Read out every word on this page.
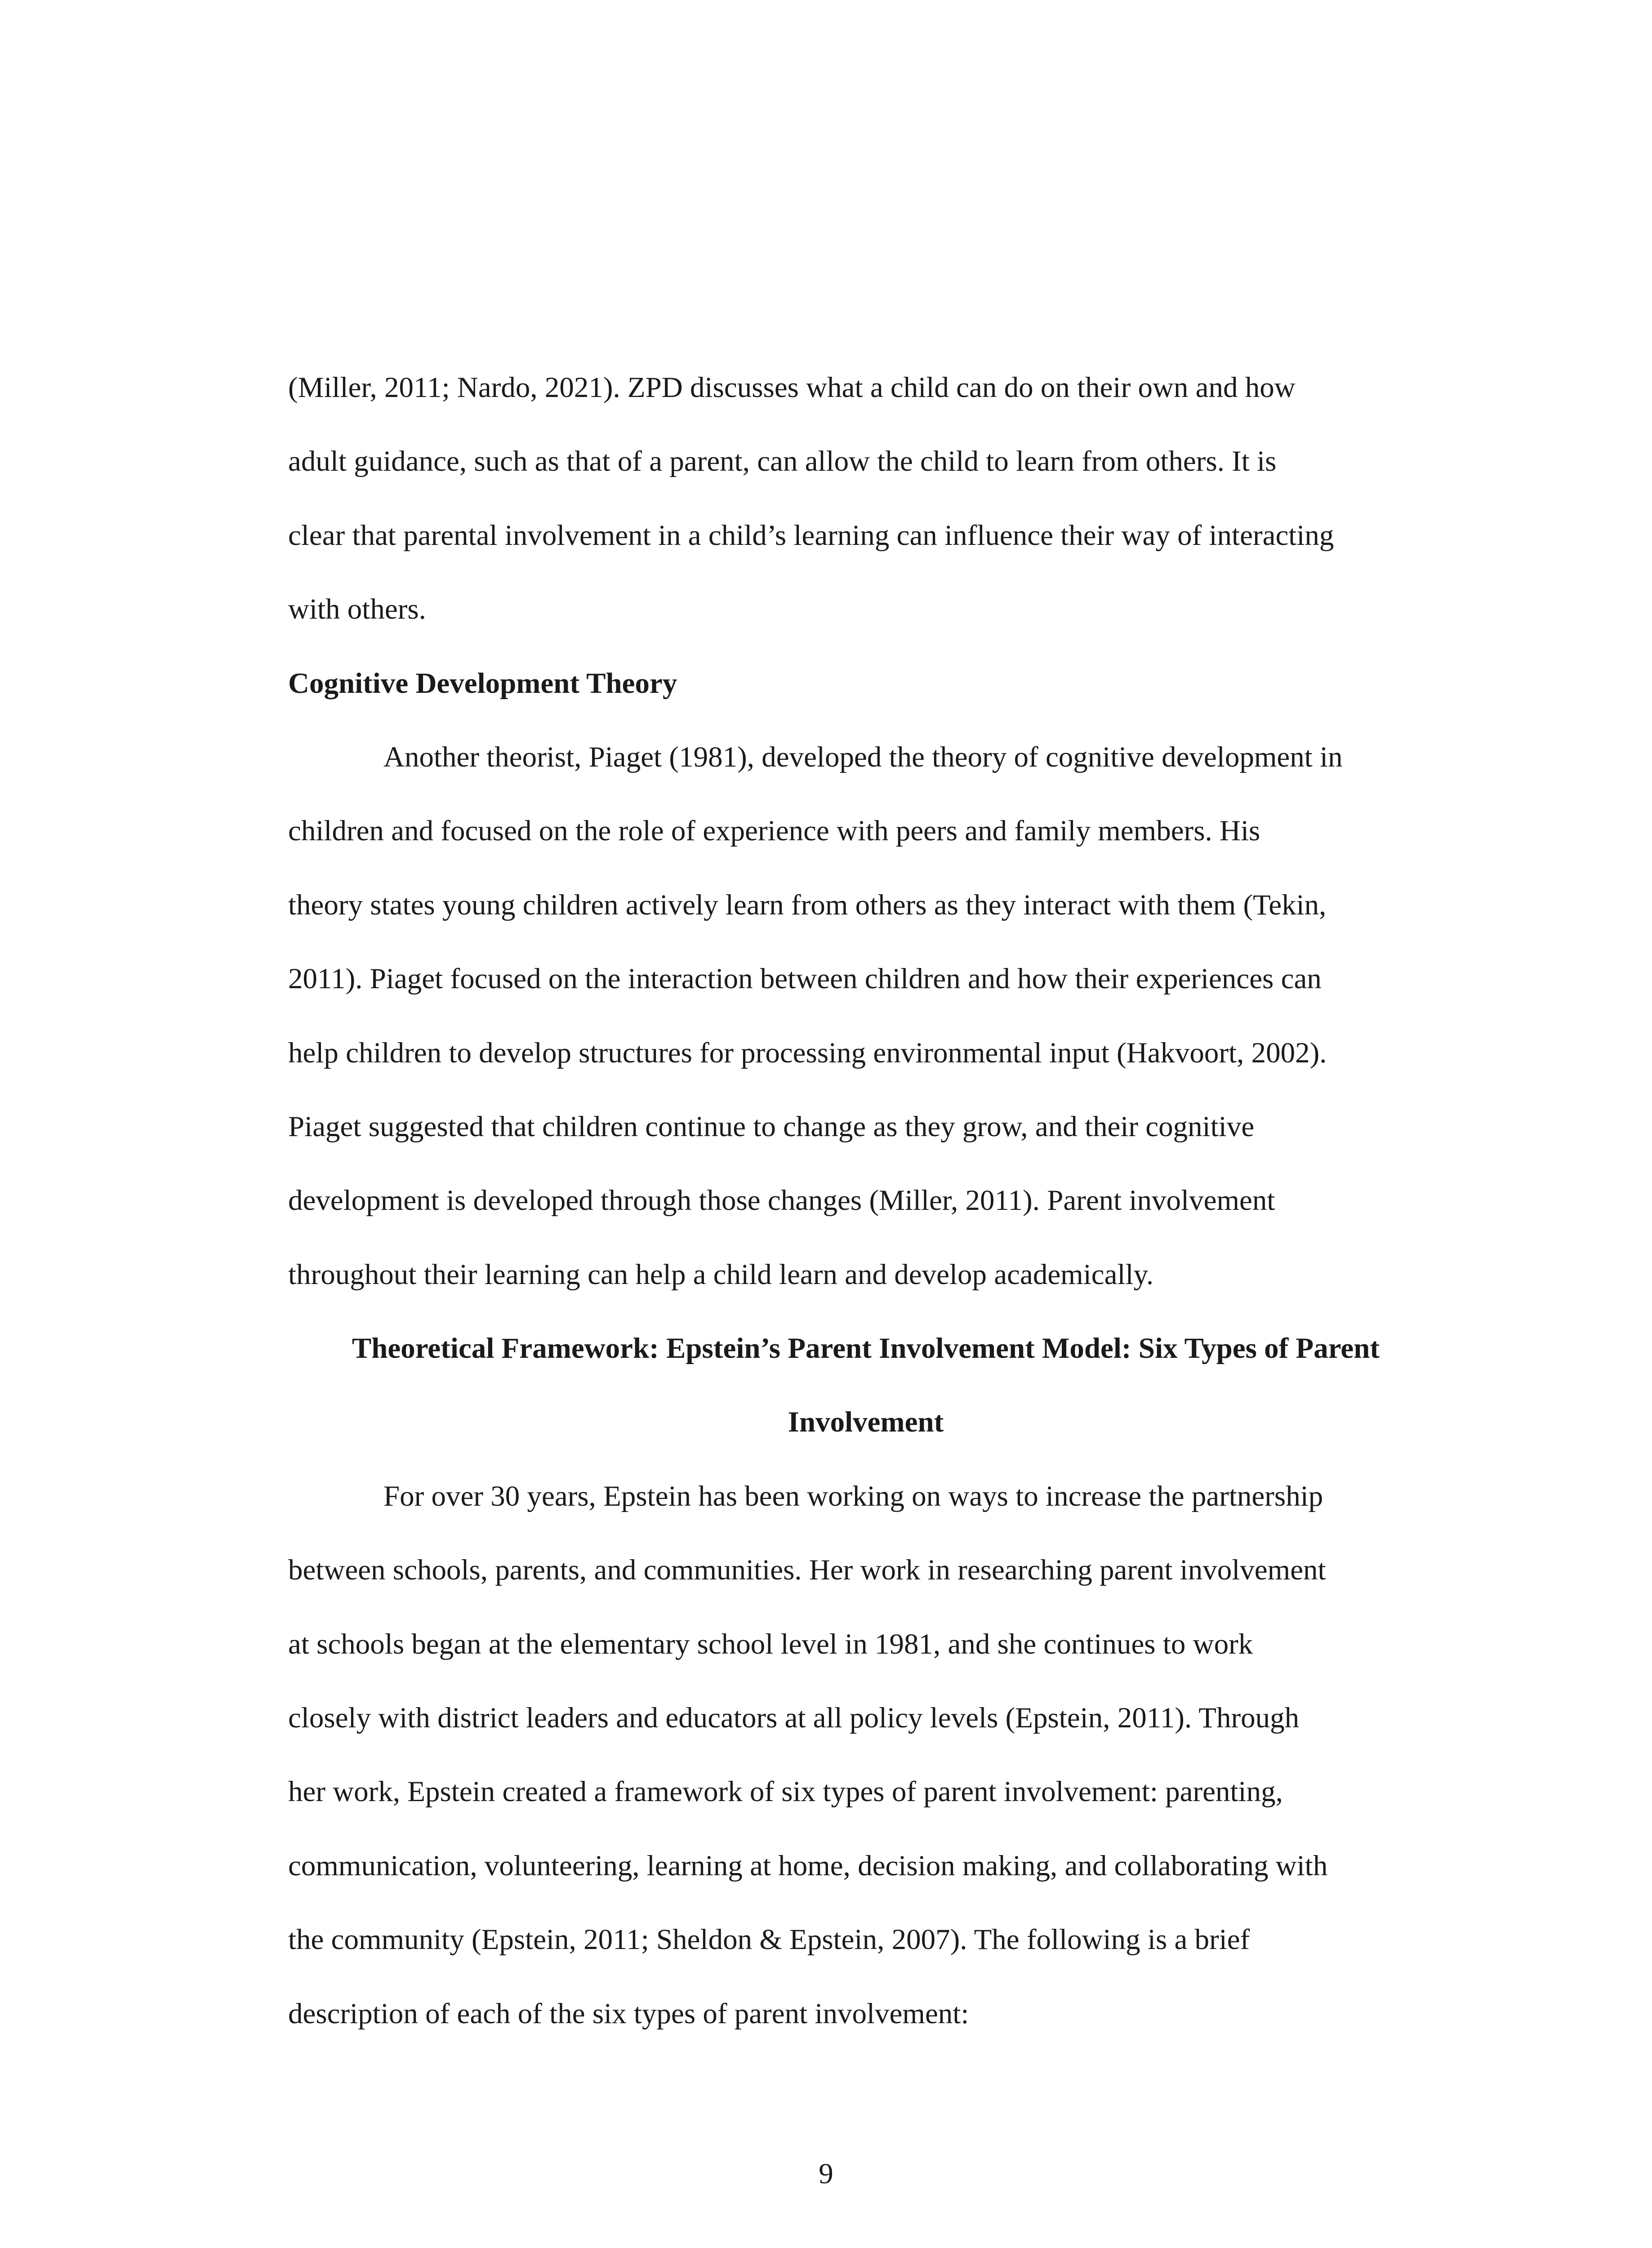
(Miller, 2011; Nardo, 2021). ZPD discusses what a child can do on their own and how
adult guidance, such as that of a parent, can allow the child to learn from others. It is
clear that parental involvement in a child’s learning can influence their way of interacting
with others.
Cognitive Development Theory
Another theorist, Piaget (1981), developed the theory of cognitive development in
children and focused on the role of experience with peers and family members. His
theory states young children actively learn from others as they interact with them (Tekin,
2011). Piaget focused on the interaction between children and how their experiences can
help children to develop structures for processing environmental input (Hakvoort, 2002).
Piaget suggested that children continue to change as they grow, and their cognitive
development is developed through those changes (Miller, 2011). Parent involvement
throughout their learning can help a child learn and develop academically.
Theoretical Framework: Epstein’s Parent Involvement Model: Six Types of Parent
Involvement
For over 30 years, Epstein has been working on ways to increase the partnership
between schools, parents, and communities. Her work in researching parent involvement
at schools began at the elementary school level in 1981, and she continues to work
closely with district leaders and educators at all policy levels (Epstein, 2011). Through
her work, Epstein created a framework of six types of parent involvement: parenting,
communication, volunteering, learning at home, decision making, and collaborating with
the community (Epstein, 2011; Sheldon & Epstein, 2007). The following is a brief
description of each of the six types of parent involvement:
9
